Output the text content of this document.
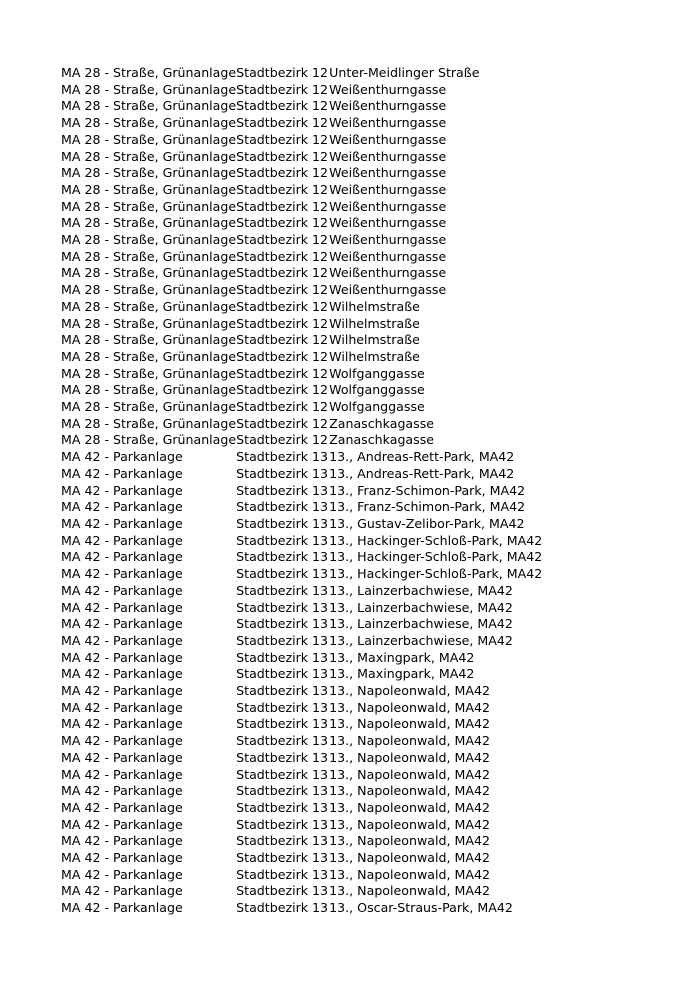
MA 28 - Straße, Grünanlage	Stadtbezirk 12	Unter-Meidlinger Straße
MA 28 - Straße, Grünanlage	Stadtbezirk 12	Weißenthurngasse
MA 28 - Straße, Grünanlage	Stadtbezirk 12	Weißenthurngasse
MA 28 - Straße, Grünanlage	Stadtbezirk 12	Weißenthurngasse
MA 28 - Straße, Grünanlage	Stadtbezirk 12	Weißenthurngasse
MA 28 - Straße, Grünanlage	Stadtbezirk 12	Weißenthurngasse
MA 28 - Straße, Grünanlage	Stadtbezirk 12	Weißenthurngasse
MA 28 - Straße, Grünanlage	Stadtbezirk 12	Weißenthurngasse
MA 28 - Straße, Grünanlage	Stadtbezirk 12	Weißenthurngasse
MA 28 - Straße, Grünanlage	Stadtbezirk 12	Weißenthurngasse
MA 28 - Straße, Grünanlage	Stadtbezirk 12	Weißenthurngasse
MA 28 - Straße, Grünanlage	Stadtbezirk 12	Weißenthurngasse
MA 28 - Straße, Grünanlage	Stadtbezirk 12	Weißenthurngasse
MA 28 - Straße, Grünanlage	Stadtbezirk 12	Weißenthurngasse
MA 28 - Straße, Grünanlage	Stadtbezirk 12	Wilhelmstraße
MA 28 - Straße, Grünanlage	Stadtbezirk 12	Wilhelmstraße
MA 28 - Straße, Grünanlage	Stadtbezirk 12	Wilhelmstraße
MA 28 - Straße, Grünanlage	Stadtbezirk 12	Wilhelmstraße
MA 28 - Straße, Grünanlage	Stadtbezirk 12	Wolfganggasse
MA 28 - Straße, Grünanlage	Stadtbezirk 12	Wolfganggasse
MA 28 - Straße, Grünanlage	Stadtbezirk 12	Wolfganggasse
MA 28 - Straße, Grünanlage	Stadtbezirk 12	Zanaschkagasse
MA 28 - Straße, Grünanlage	Stadtbezirk 12	Zanaschkagasse
MA 42 - Parkanlage	Stadtbezirk 13	13., Andreas-Rett-Park, MA42
MA 42 - Parkanlage	Stadtbezirk 13	13., Andreas-Rett-Park, MA42
MA 42 - Parkanlage	Stadtbezirk 13	13., Franz-Schimon-Park, MA42
MA 42 - Parkanlage	Stadtbezirk 13	13., Franz-Schimon-Park, MA42
MA 42 - Parkanlage	Stadtbezirk 13	13., Gustav-Zelibor-Park, MA42
MA 42 - Parkanlage	Stadtbezirk 13	13., Hackinger-Schloß-Park, MA42
MA 42 - Parkanlage	Stadtbezirk 13	13., Hackinger-Schloß-Park, MA42
MA 42 - Parkanlage	Stadtbezirk 13	13., Hackinger-Schloß-Park, MA42
MA 42 - Parkanlage	Stadtbezirk 13	13., Lainzerbachwiese, MA42
MA 42 - Parkanlage	Stadtbezirk 13	13., Lainzerbachwiese, MA42
MA 42 - Parkanlage	Stadtbezirk 13	13., Lainzerbachwiese, MA42
MA 42 - Parkanlage	Stadtbezirk 13	13., Lainzerbachwiese, MA42
MA 42 - Parkanlage	Stadtbezirk 13	13., Maxingpark, MA42
MA 42 - Parkanlage	Stadtbezirk 13	13., Maxingpark, MA42
MA 42 - Parkanlage	Stadtbezirk 13	13., Napoleonwald, MA42
MA 42 - Parkanlage	Stadtbezirk 13	13., Napoleonwald, MA42
MA 42 - Parkanlage	Stadtbezirk 13	13., Napoleonwald, MA42
MA 42 - Parkanlage	Stadtbezirk 13	13., Napoleonwald, MA42
MA 42 - Parkanlage	Stadtbezirk 13	13., Napoleonwald, MA42
MA 42 - Parkanlage	Stadtbezirk 13	13., Napoleonwald, MA42
MA 42 - Parkanlage	Stadtbezirk 13	13., Napoleonwald, MA42
MA 42 - Parkanlage	Stadtbezirk 13	13., Napoleonwald, MA42
MA 42 - Parkanlage	Stadtbezirk 13	13., Napoleonwald, MA42
MA 42 - Parkanlage	Stadtbezirk 13	13., Napoleonwald, MA42
MA 42 - Parkanlage	Stadtbezirk 13	13., Napoleonwald, MA42
MA 42 - Parkanlage	Stadtbezirk 13	13., Napoleonwald, MA42
MA 42 - Parkanlage	Stadtbezirk 13	13., Napoleonwald, MA42
MA 42 - Parkanlage	Stadtbezirk 13	13., Oscar-Straus-Park, MA42
